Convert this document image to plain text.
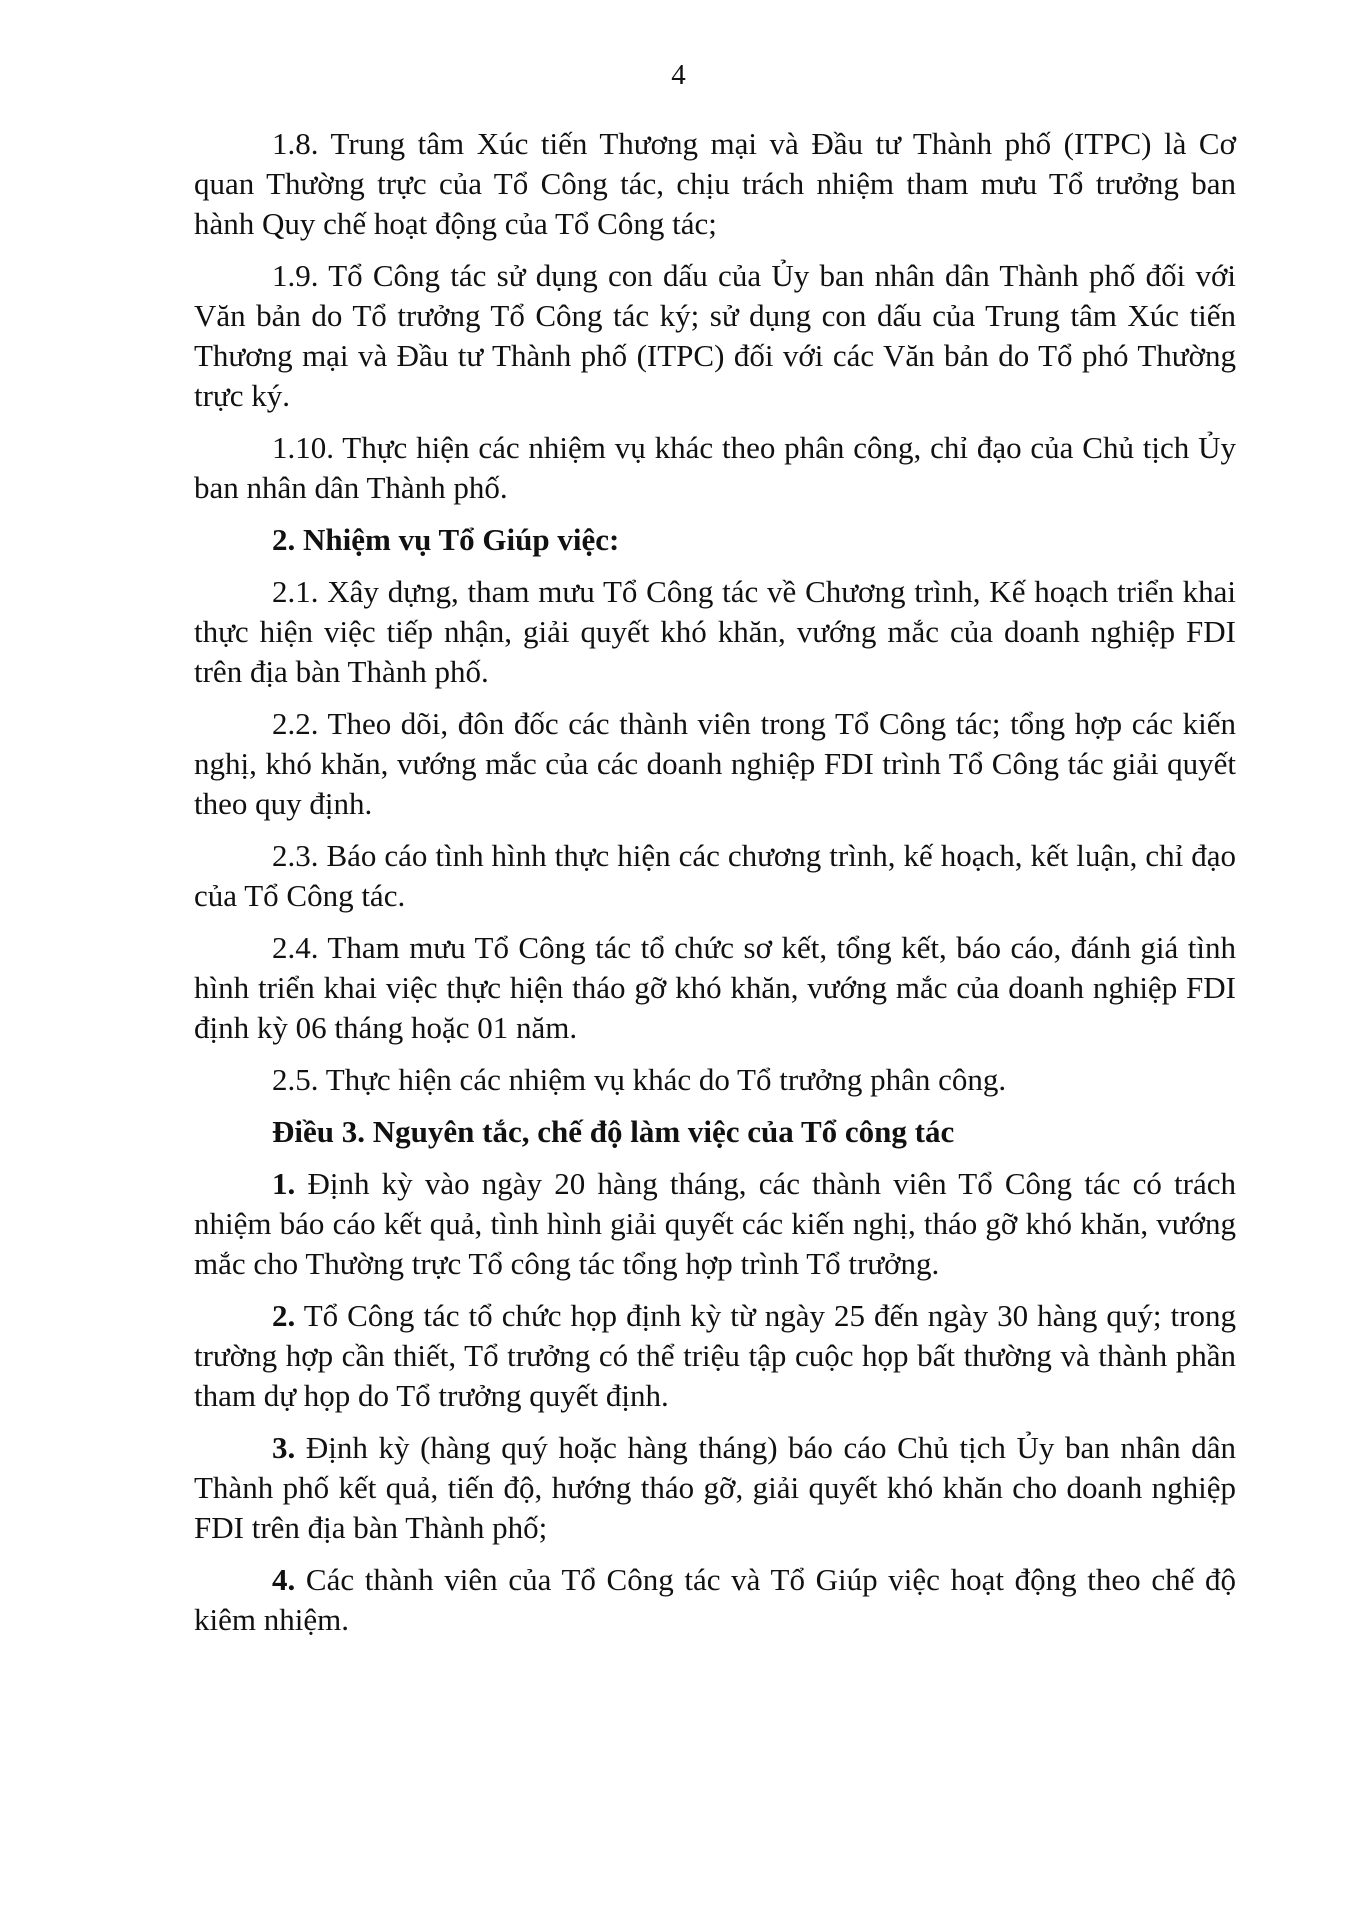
4

1.8. Trung tâm Xúc tiến Thương mại và Đầu tư Thành phố (ITPC) là Cơ quan Thường trực của Tổ Công tác, chịu trách nhiệm tham mưu Tổ trưởng ban hành Quy chế hoạt động của Tổ Công tác;

1.9. Tổ Công tác sử dụng con dấu của Ủy ban nhân dân Thành phố đối với Văn bản do Tổ trưởng Tổ Công tác ký; sử dụng con dấu của Trung tâm Xúc tiến Thương mại và Đầu tư Thành phố (ITPC) đối với các Văn bản do Tổ phó Thường trực ký.

1.10. Thực hiện các nhiệm vụ khác theo phân công, chỉ đạo của Chủ tịch Ủy ban nhân dân Thành phố.

2. Nhiệm vụ Tổ Giúp việc:

2.1. Xây dựng, tham mưu Tổ Công tác về Chương trình, Kế hoạch triển khai thực hiện việc tiếp nhận, giải quyết khó khăn, vướng mắc của doanh nghiệp FDI trên địa bàn Thành phố.

2.2. Theo dõi, đôn đốc các thành viên trong Tổ Công tác; tổng hợp các kiến nghị, khó khăn, vướng mắc của các doanh nghiệp FDI trình Tổ Công tác giải quyết theo quy định.

2.3. Báo cáo tình hình thực hiện các chương trình, kế hoạch, kết luận, chỉ đạo của Tổ Công tác.

2.4. Tham mưu Tổ Công tác tổ chức sơ kết, tổng kết, báo cáo, đánh giá tình hình triển khai việc thực hiện tháo gỡ khó khăn, vướng mắc của doanh nghiệp FDI định kỳ 06 tháng hoặc 01 năm.

2.5. Thực hiện các nhiệm vụ khác do Tổ trưởng phân công.

Điều 3. Nguyên tắc, chế độ làm việc của Tổ công tác

1. Định kỳ vào ngày 20 hàng tháng, các thành viên Tổ Công tác có trách nhiệm báo cáo kết quả, tình hình giải quyết các kiến nghị, tháo gỡ khó khăn, vướng mắc cho Thường trực Tổ công tác tổng hợp trình Tổ trưởng.

2. Tổ Công tác tổ chức họp định kỳ từ ngày 25 đến ngày 30 hàng quý; trong trường hợp cần thiết, Tổ trưởng có thể triệu tập cuộc họp bất thường và thành phần tham dự họp do Tổ trưởng quyết định.

3. Định kỳ (hàng quý hoặc hàng tháng) báo cáo Chủ tịch Ủy ban nhân dân Thành phố kết quả, tiến độ, hướng tháo gỡ, giải quyết khó khăn cho doanh nghiệp FDI trên địa bàn Thành phố;

4. Các thành viên của Tổ Công tác và Tổ Giúp việc hoạt động theo chế độ kiêm nhiệm.
